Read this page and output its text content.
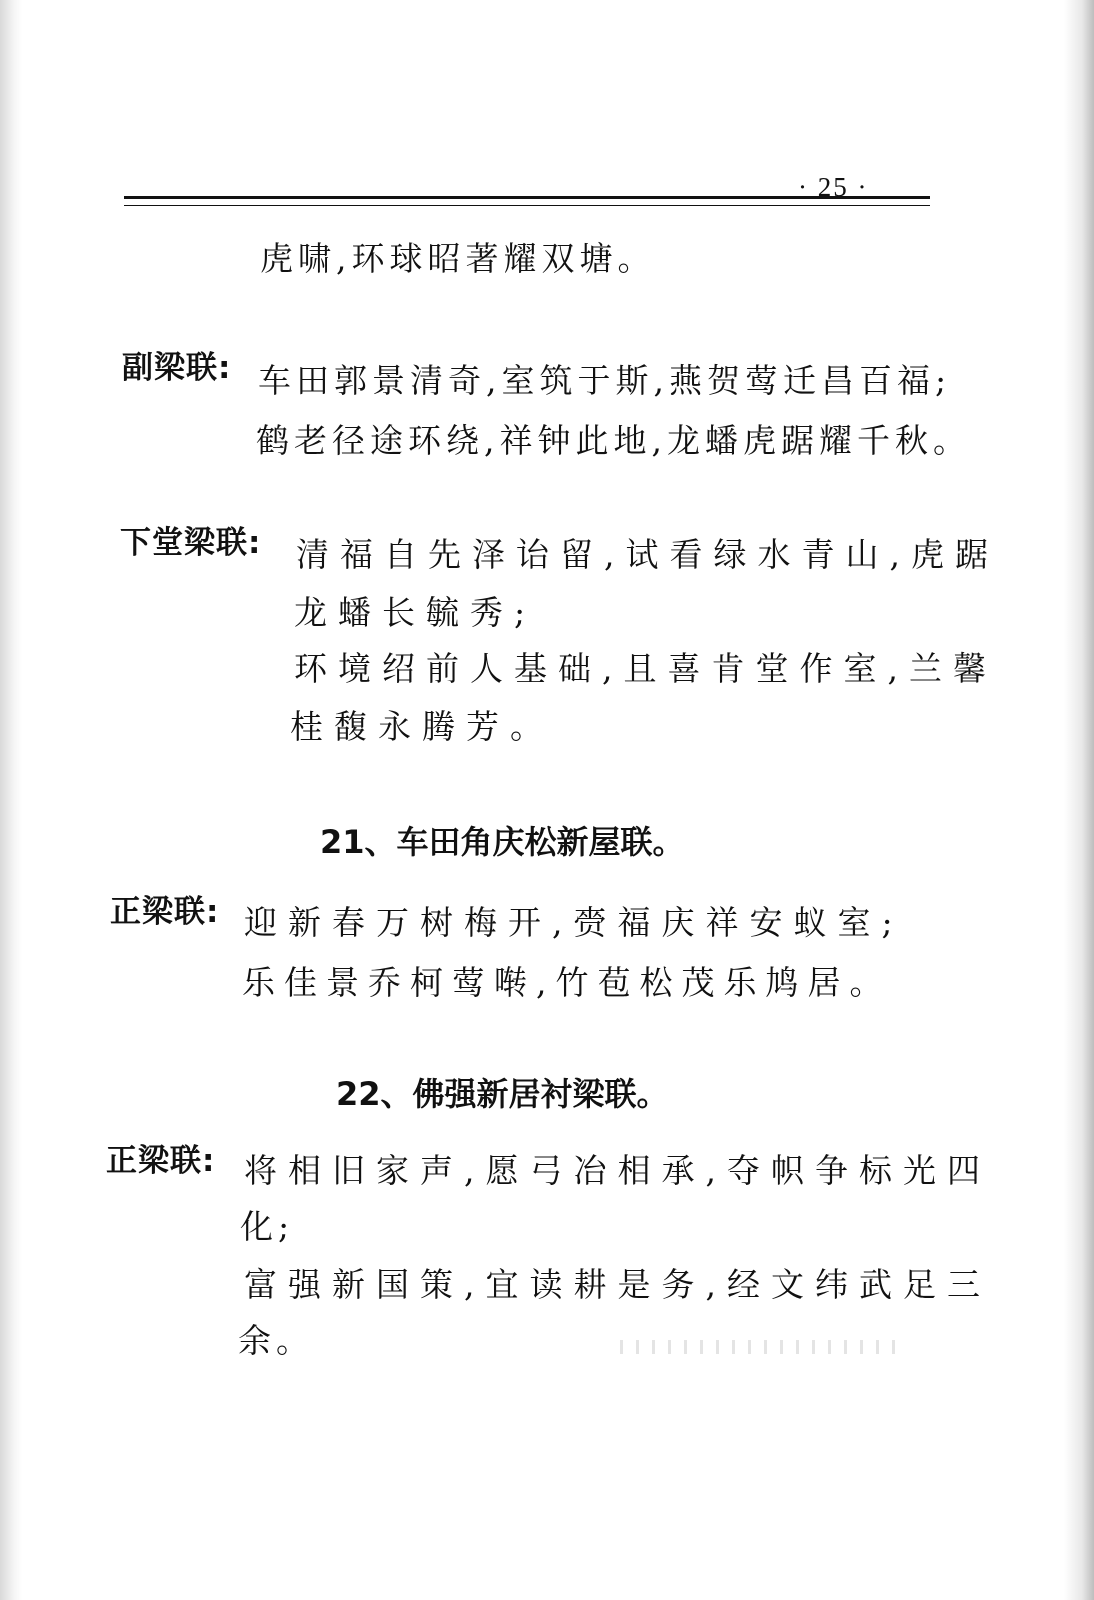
· 25 ·
虎啸,环球昭著耀双塘。
副梁联: 车田郭景清奇,室筑于斯,燕贺莺迁昌百福;
鹤老径途环绕,祥钟此地,龙蟠虎踞耀千秋。
下堂梁联: 清福自先泽诒留,试看绿水青山,虎踞
龙蟠长毓秀;
环境绍前人基础,且喜肯堂作室,兰馨
桂馥永腾芳。
21、车田角庆松新屋联。
正梁联: 迎新春万树梅开,赍福庆祥安蚁室;
乐佳景乔柯莺啭,竹苞松茂乐鸠居。
22、佛强新居衬梁联。
正梁联: 将相旧家声,愿弓冶相承,夺帜争标光四
化;
富强新国策,宜读耕是务,经文纬武足三
余。
